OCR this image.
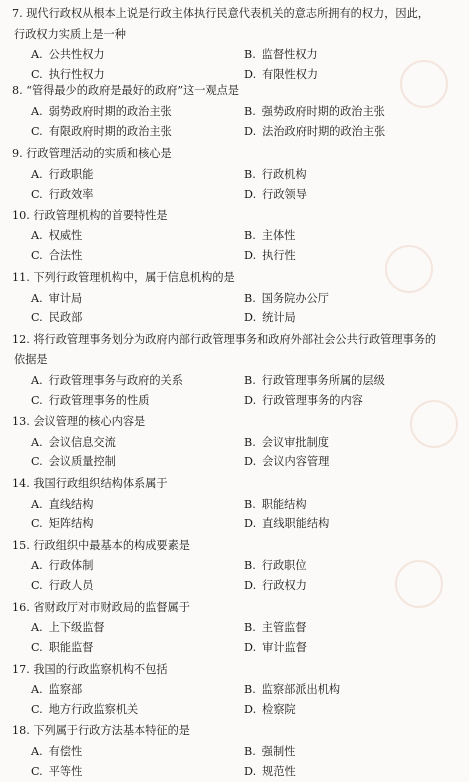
7. 现代行政权从根本上说是行政主体执行民意代表机关的意志所拥有的权力，因此，
行政权力实质上是一种
A. 公共性权力	B. 监督性权力
C. 执行性权力	D. 有限性权力
8. “管得最少的政府是最好的政府”这一观点是
A. 弱势政府时期的政治主张	B. 强势政府时期的政治主张
C. 有限政府时期的政治主张	D. 法治政府时期的政治主张
9. 行政管理活动的实质和核心是
A. 行政职能	B. 行政机构
C. 行政效率	D. 行政领导
10. 行政管理机构的首要特性是
A. 权威性	B. 主体性
C. 合法性	D. 执行性
11. 下列行政管理机构中，属于信息机构的是
A. 审计局	B. 国务院办公厅
C. 民政部	D. 统计局
12. 将行政管理事务划分为政府内部行政管理事务和政府外部社会公共行政管理事务的
依据是
A. 行政管理事务与政府的关系	B. 行政管理事务所属的层级
C. 行政管理事务的性质	D. 行政管理事务的内容
13. 会议管理的核心内容是
A. 会议信息交流	B. 会议审批制度
C. 会议质量控制	D. 会议内容管理
14. 我国行政组织结构体系属于
A. 直线结构	B. 职能结构
C. 矩阵结构	D. 直线职能结构
15. 行政组织中最基本的构成要素是
A. 行政体制	B. 行政职位
C. 行政人员	D. 行政权力
16. 省财政厅对市财政局的监督属于
A. 上下级监督	B. 主管监督
C. 职能监督	D. 审计监督
17. 我国的行政监察机构不包括
A. 监察部	B. 监察部派出机构
C. 地方行政监察机关	D. 检察院
18. 下列属于行政方法基本特征的是
A. 有偿性	B. 强制性
C. 平等性	D. 规范性
